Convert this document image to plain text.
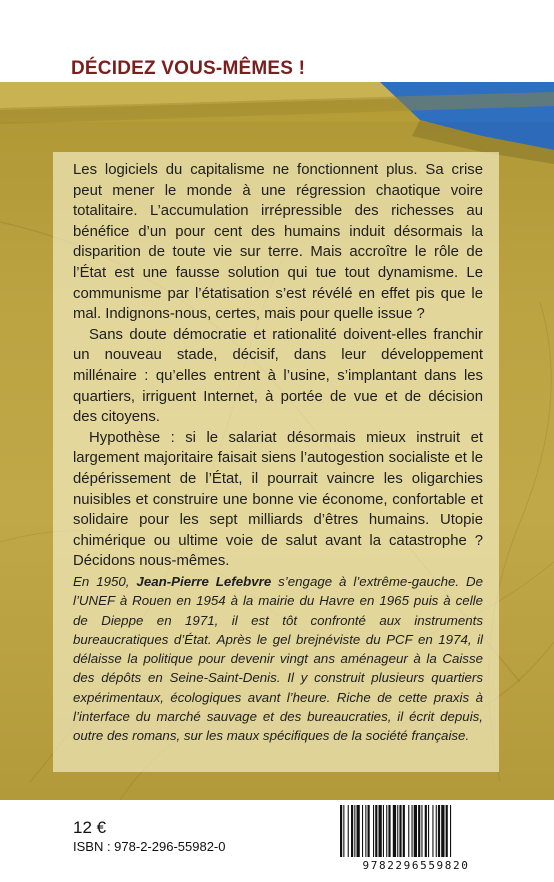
DÉCIDEZ VOUS-MÊMES !

Les logiciels du capitalisme ne fonctionnent plus. Sa crise peut mener le monde à une régression chaotique voire totalitaire. L’accumulation irrépressible des richesses au bénéfice d’un pour cent des humains induit désormais la disparition de toute vie sur terre. Mais accroître le rôle de l’État est une fausse solution qui tue tout dynamisme. Le communisme par l’étatisation s’est révélé en effet pis que le mal. Indignons-nous, certes, mais pour quelle issue ?

Sans doute démocratie et rationalité doivent-elles franchir un nouveau stade, décisif, dans leur développement millénaire : qu’elles entrent à l’usine, s’implantant dans les quartiers, irriguent Internet, à portée de vue et de décision des citoyens.

Hypothèse : si le salariat désormais mieux instruit et largement majoritaire faisait siens l’autogestion socialiste et le dépérissement de l’État, il pourrait vaincre les oligarchies nuisibles et construire une bonne vie économe, confortable et solidaire pour les sept milliards d’êtres humains. Utopie chimérique ou ultime voie de salut avant la catastrophe ? Décidons nous-mêmes.

En 1950, Jean-Pierre Lefebvre s’engage à l’extrême-gauche. De l’UNEF à Rouen en 1954 à la mairie du Havre en 1965 puis à celle de Dieppe en 1971, il est tôt confronté aux instruments bureaucratiques d’État. Après le gel brejnéviste du PCF en 1974, il délaisse la politique pour devenir vingt ans aménageur à la Caisse des dépôts en Seine-Saint-Denis. Il y construit plusieurs quartiers expérimentaux, écologiques avant l’heure. Riche de cette praxis à l’interface du marché sauvage et des bureaucraties, il écrit depuis, outre des romans, sur les maux spécifiques de la société française.

12 €
ISBN : 978-2-296-55982-0
9782296559820
